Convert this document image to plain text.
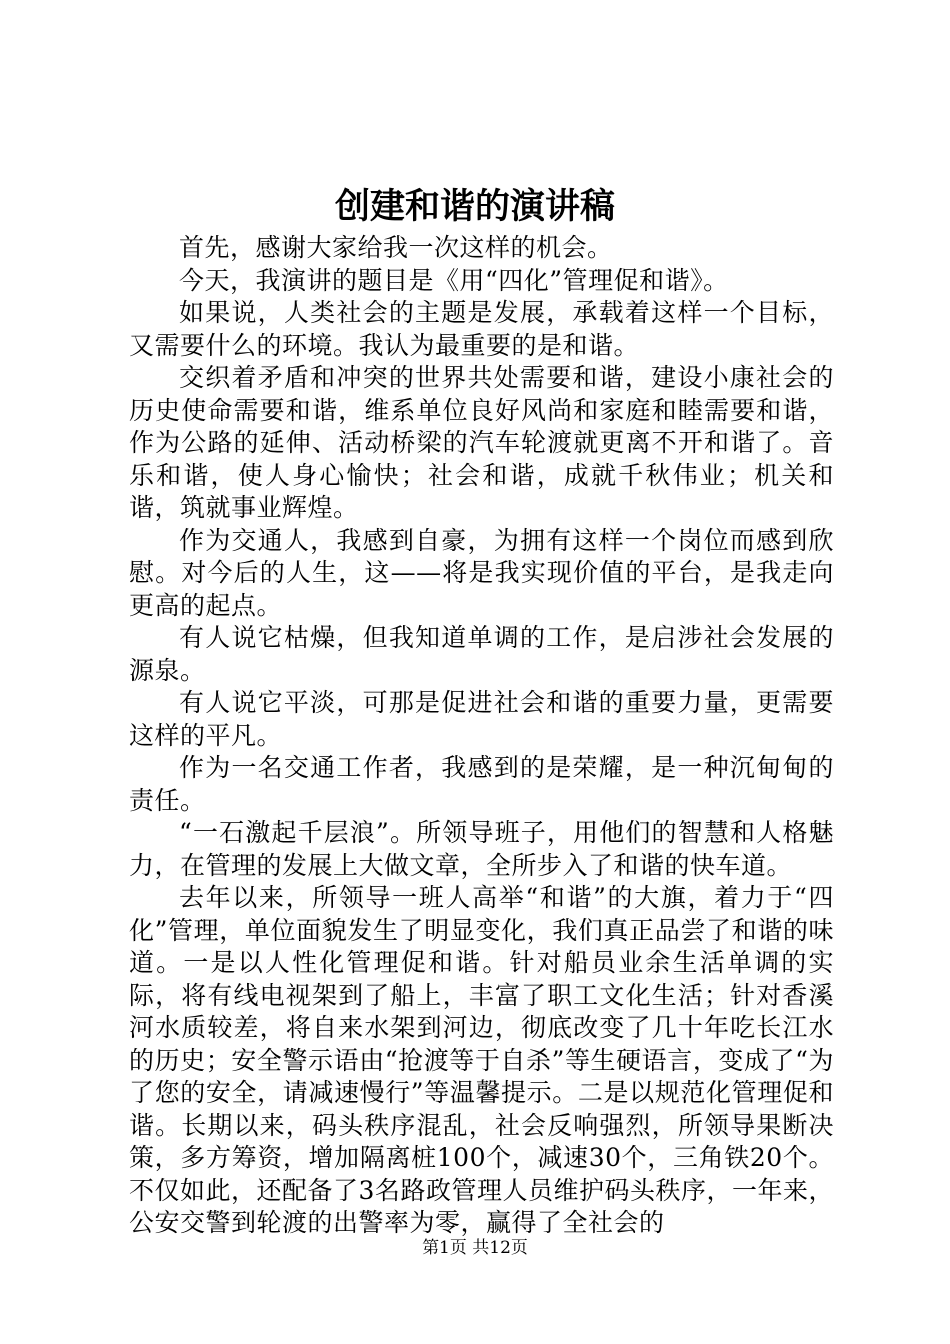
创建和谐的演讲稿

首先，感谢大家给我一次这样的机会。

今天，我演讲的题目是《用“四化”管理促和谐》。

如果说，人类社会的主题是发展，承载着这样一个目标，又需要什么的环境。我认为最重要的是和谐。

交织着矛盾和冲突的世界共处需要和谐，建设小康社会的历史使命需要和谐，维系单位良好风尚和家庭和睦需要和谐，作为公路的延伸、活动桥梁的汽车轮渡就更离不开和谐了。音乐和谐，使人身心愉快；社会和谐，成就千秋伟业；机关和谐，筑就事业辉煌。

作为交通人，我感到自豪，为拥有这样一个岗位而感到欣慰。对今后的人生，这——将是我实现价值的平台，是我走向更高的起点。

有人说它枯燥，但我知道单调的工作，是启涉社会发展的源泉。

有人说它平淡，可那是促进社会和谐的重要力量，更需要这样的平凡。

作为一名交通工作者，我感到的是荣耀，是一种沉甸甸的责任。

“一石激起千层浪”。所领导班子，用他们的智慧和人格魅力，在管理的发展上大做文章，全所步入了和谐的快车道。

去年以来，所领导一班人高举“和谐”的大旗，着力于“四化”管理，单位面貌发生了明显变化，我们真正品尝了和谐的味道。一是以人性化管理促和谐。针对船员业余生活单调的实际，将有线电视架到了船上，丰富了职工文化生活；针对香溪河水质较差，将自来水架到河边，彻底改变了几十年吃长江水的历史；安全警示语由“抢渡等于自杀”等生硬语言，变成了“为了您的安全，请减速慢行”等温馨提示。二是以规范化管理促和谐。长期以来，码头秩序混乱，社会反响强烈，所领导果断决策，多方筹资，增加隔离桩100个，减速30个，三角铁20个。不仅如此，还配备了3名路政管理人员维护码头秩序，一年来，公安交警到轮渡的出警率为零，赢得了全社会的

第1页 共12页
